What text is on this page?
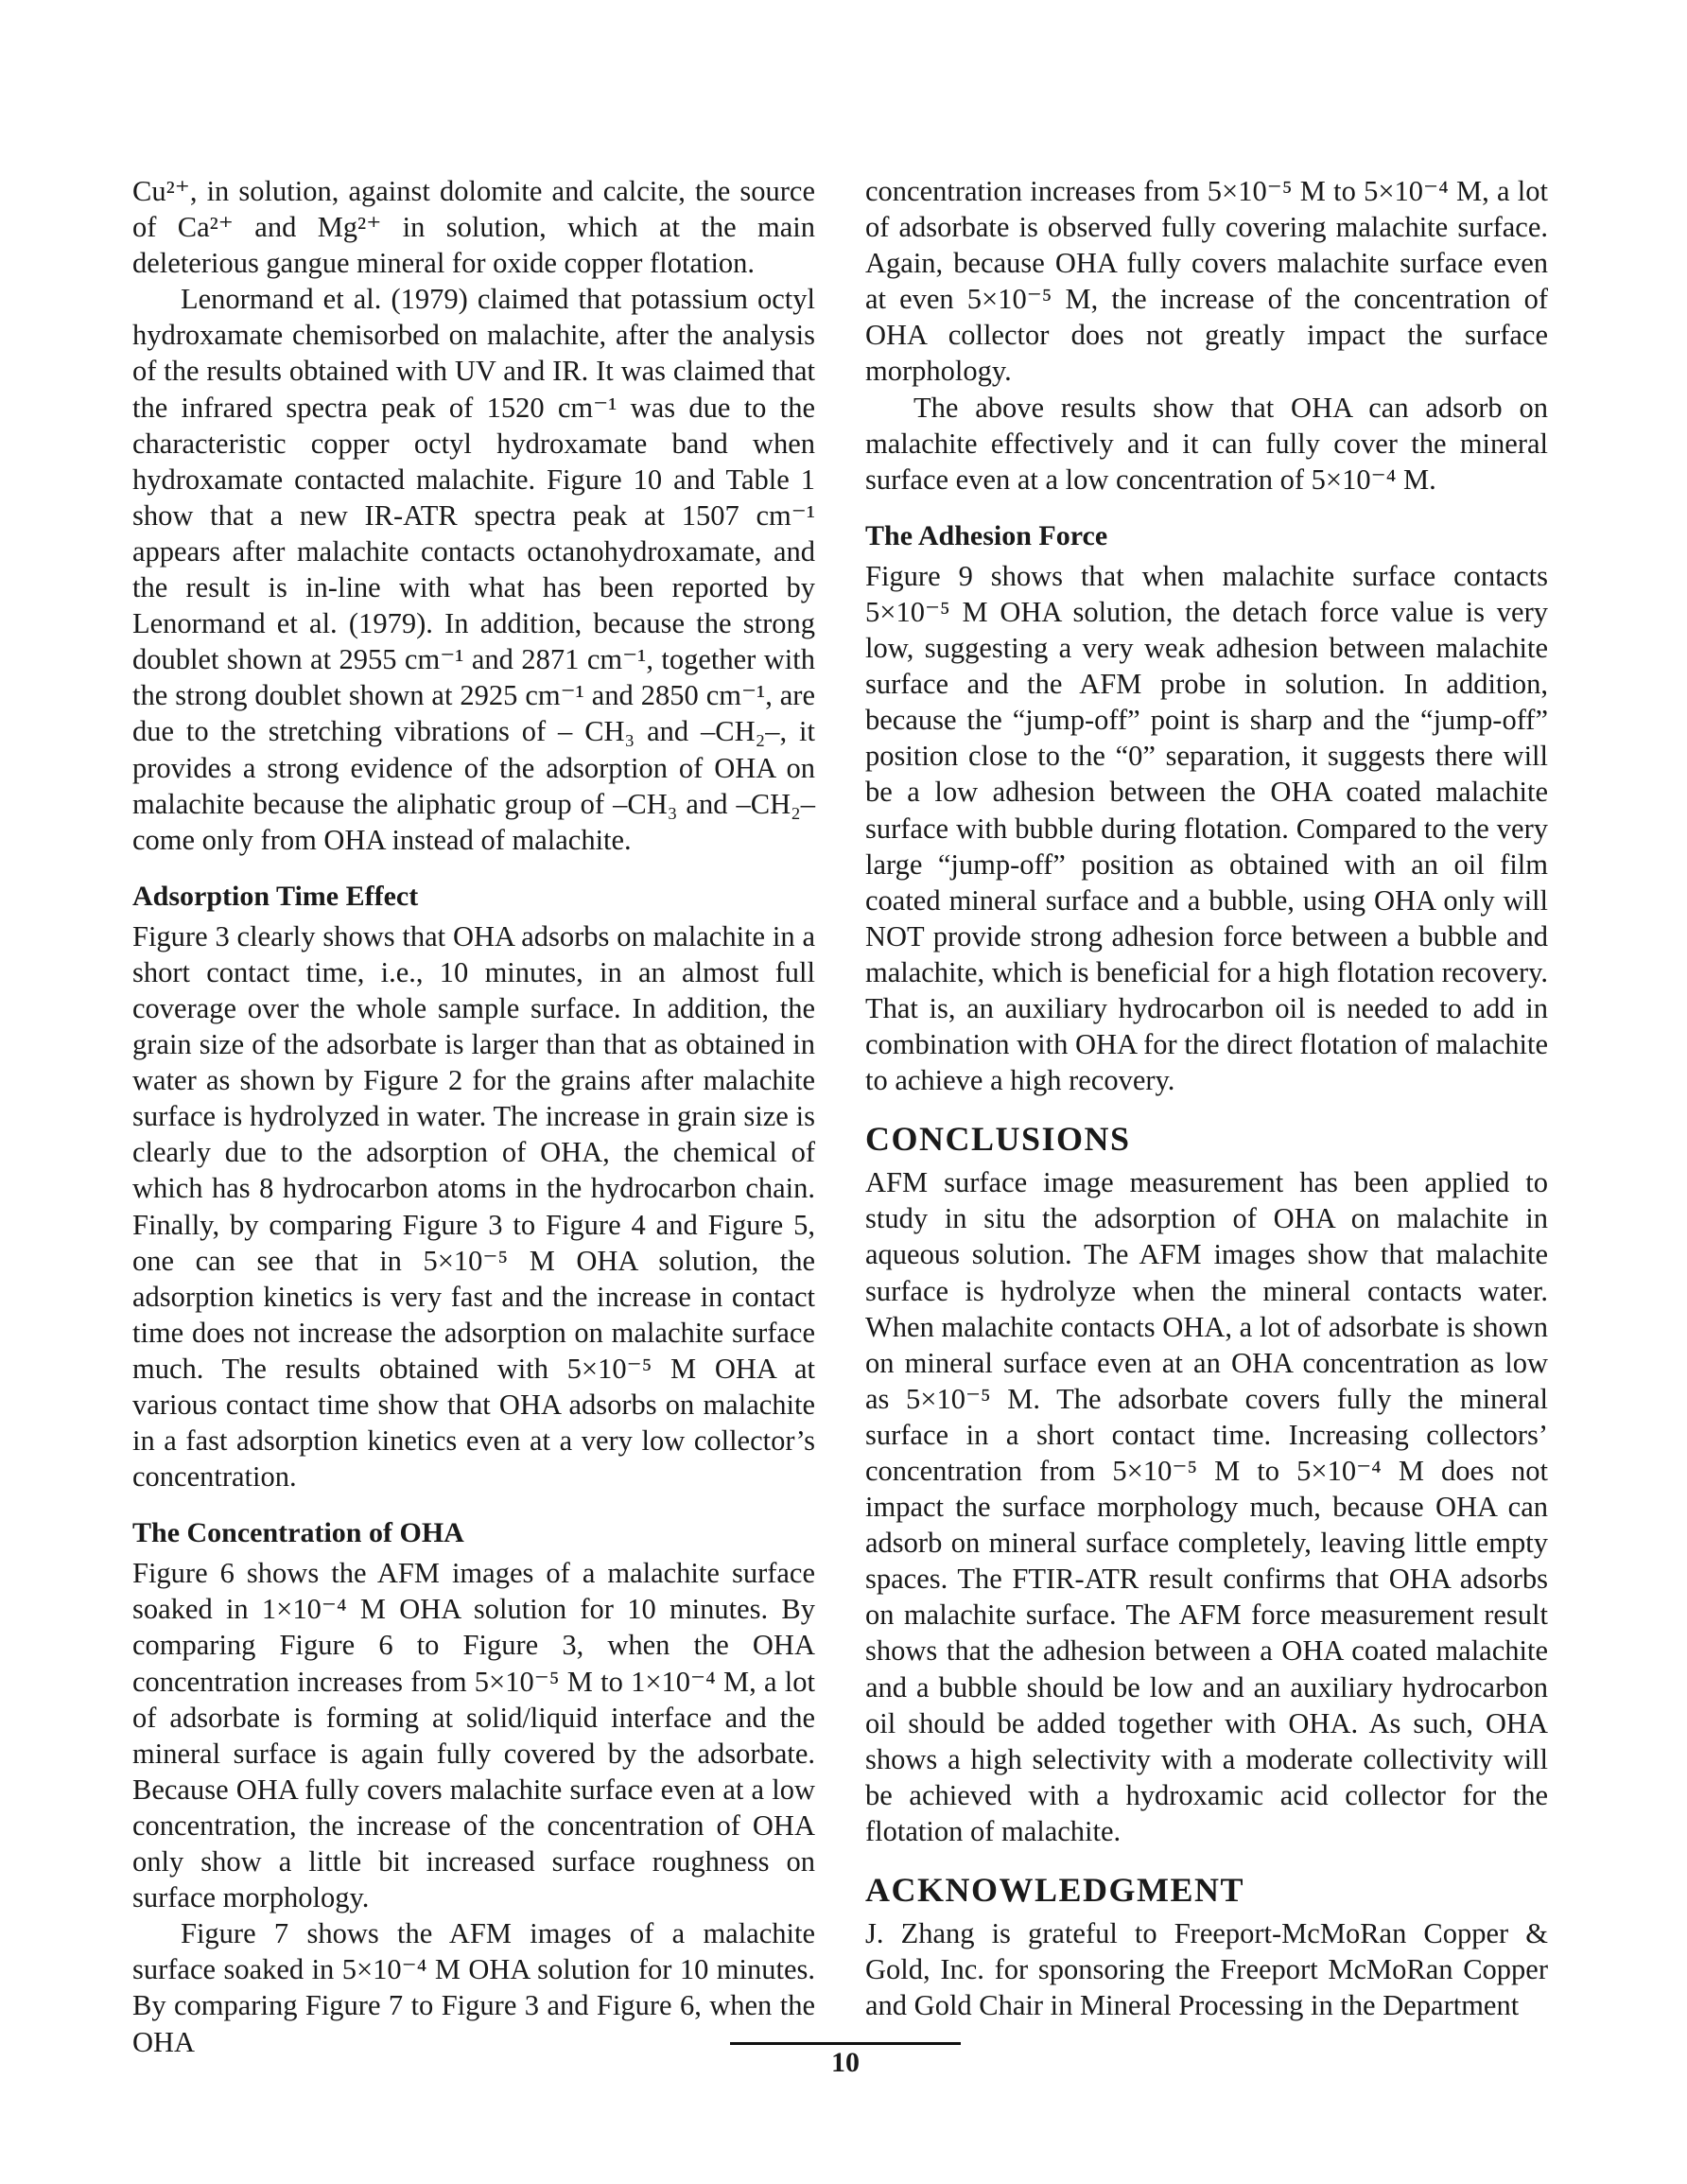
Cu²⁺, in solution, against dolomite and calcite, the source of Ca²⁺ and Mg²⁺ in solution, which at the main deleterious gangue mineral for oxide copper flotation.

Lenormand et al. (1979) claimed that potassium octyl hydroxamate chemisorbed on malachite, after the analysis of the results obtained with UV and IR. It was claimed that the infrared spectra peak of 1520 cm⁻¹ was due to the characteristic copper octyl hydroxamate band when hydroxamate contacted malachite. Figure 10 and Table 1 show that a new IR-ATR spectra peak at 1507 cm⁻¹ appears after malachite contacts octanohydroxamate, and the result is in-line with what has been reported by Lenormand et al. (1979). In addition, because the strong doublet shown at 2955 cm⁻¹ and 2871 cm⁻¹, together with the strong doublet shown at 2925 cm⁻¹ and 2850 cm⁻¹, are due to the stretching vibrations of – CH₃ and –CH₂–, it provides a strong evidence of the adsorption of OHA on malachite because the aliphatic group of –CH₃ and –CH₂– come only from OHA instead of malachite.

Adsorption Time Effect

Figure 3 clearly shows that OHA adsorbs on malachite in a short contact time, i.e., 10 minutes, in an almost full coverage over the whole sample surface. In addition, the grain size of the adsorbate is larger than that as obtained in water as shown by Figure 2 for the grains after malachite surface is hydrolyzed in water. The increase in grain size is clearly due to the adsorption of OHA, the chemical of which has 8 hydrocarbon atoms in the hydrocarbon chain. Finally, by comparing Figure 3 to Figure 4 and Figure 5, one can see that in 5×10⁻⁵ M OHA solution, the adsorption kinetics is very fast and the increase in contact time does not increase the adsorption on malachite surface much. The results obtained with 5×10⁻⁵ M OHA at various contact time show that OHA adsorbs on malachite in a fast adsorption kinetics even at a very low collector’s concentration.

The Concentration of OHA

Figure 6 shows the AFM images of a malachite surface soaked in 1×10⁻⁴ M OHA solution for 10 minutes. By comparing Figure 6 to Figure 3, when the OHA concentration increases from 5×10⁻⁵ M to 1×10⁻⁴ M, a lot of adsorbate is forming at solid/liquid interface and the mineral surface is again fully covered by the adsorbate. Because OHA fully covers malachite surface even at a low concentration, the increase of the concentration of OHA only show a little bit increased surface roughness on surface morphology.

Figure 7 shows the AFM images of a malachite surface soaked in 5×10⁻⁴ M OHA solution for 10 minutes. By comparing Figure 7 to Figure 3 and Figure 6, when the OHA

concentration increases from 5×10⁻⁵ M to 5×10⁻⁴ M, a lot of adsorbate is observed fully covering malachite surface. Again, because OHA fully covers malachite surface even at even 5×10⁻⁵ M, the increase of the concentration of OHA collector does not greatly impact the surface morphology.

The above results show that OHA can adsorb on malachite effectively and it can fully cover the mineral surface even at a low concentration of 5×10⁻⁴ M.

The Adhesion Force

Figure 9 shows that when malachite surface contacts 5×10⁻⁵ M OHA solution, the detach force value is very low, suggesting a very weak adhesion between malachite surface and the AFM probe in solution. In addition, because the “jump-off” point is sharp and the “jump-off” position close to the “0” separation, it suggests there will be a low adhesion between the OHA coated malachite surface with bubble during flotation. Compared to the very large “jump-off” position as obtained with an oil film coated mineral surface and a bubble, using OHA only will NOT provide strong adhesion force between a bubble and malachite, which is beneficial for a high flotation recovery. That is, an auxiliary hydrocarbon oil is needed to add in combination with OHA for the direct flotation of malachite to achieve a high recovery.

CONCLUSIONS

AFM surface image measurement has been applied to study in situ the adsorption of OHA on malachite in aqueous solution. The AFM images show that malachite surface is hydrolyze when the mineral contacts water. When malachite contacts OHA, a lot of adsorbate is shown on mineral surface even at an OHA concentration as low as 5×10⁻⁵ M. The adsorbate covers fully the mineral surface in a short contact time. Increasing collectors’ concentration from 5×10⁻⁵ M to 5×10⁻⁴ M does not impact the surface morphology much, because OHA can adsorb on mineral surface completely, leaving little empty spaces. The FTIR-ATR result confirms that OHA adsorbs on malachite surface. The AFM force measurement result shows that the adhesion between a OHA coated malachite and a bubble should be low and an auxiliary hydrocarbon oil should be added together with OHA. As such, OHA shows a high selectivity with a moderate collectivity will be achieved with a hydroxamic acid collector for the flotation of malachite.

ACKNOWLEDGMENT

J. Zhang is grateful to Freeport-McMoRan Copper & Gold, Inc. for sponsoring the Freeport McMoRan Copper and Gold Chair in Mineral Processing in the Department

10
